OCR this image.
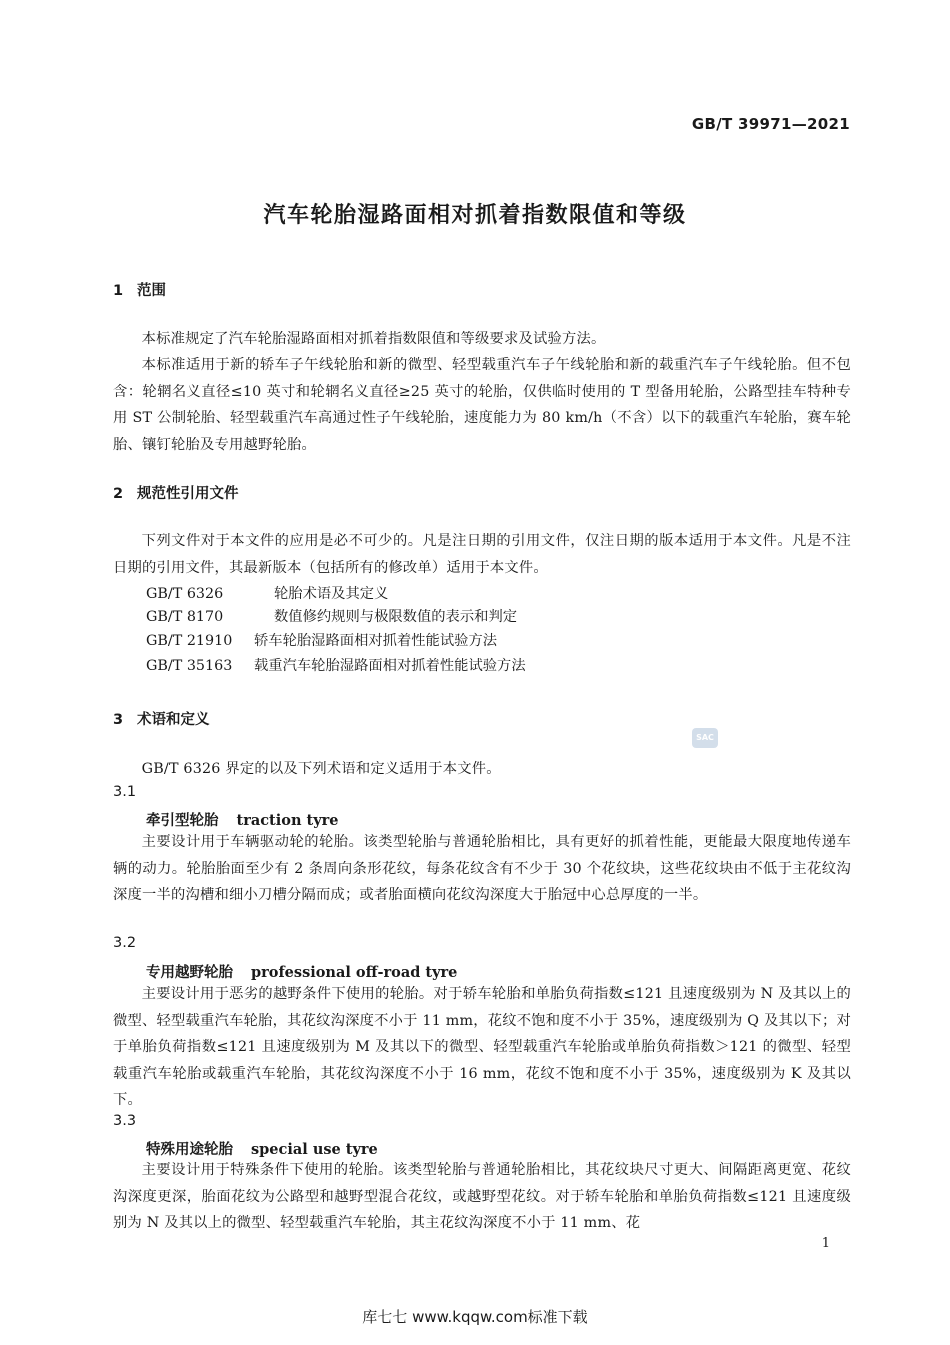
GB/T 39971—2021
汽车轮胎湿路面相对抓着指数限值和等级
1 范围
本标准规定了汽车轮胎湿路面相对抓着指数限值和等级要求及试验方法。
本标准适用于新的轿车子午线轮胎和新的微型、轻型载重汽车子午线轮胎和新的载重汽车子午线轮胎。但不包含：轮辋名义直径≤10 英寸和轮辋名义直径≥25 英寸的轮胎，仅供临时使用的 T 型备用轮胎，公路型挂车特种专用 ST 公制轮胎、轻型载重汽车高通过性子午线轮胎，速度能力为 80 km/h（不含）以下的载重汽车轮胎，赛车轮胎、镶钉轮胎及专用越野轮胎。
2 规范性引用文件
下列文件对于本文件的应用是必不可少的。凡是注日期的引用文件，仅注日期的版本适用于本文件。凡是不注日期的引用文件，其最新版本（包括所有的修改单）适用于本文件。
GB/T 6326	轮胎术语及其定义
GB/T 8170	数值修约规则与极限数值的表示和判定
GB/T 21910 轿车轮胎湿路面相对抓着性能试验方法
GB/T 35163 载重汽车轮胎湿路面相对抓着性能试验方法
3 术语和定义
SAC
GB/T 6326 界定的以及下列术语和定义适用于本文件。
3.1
牵引型轮胎 traction tyre
主要设计用于车辆驱动轮的轮胎。该类型轮胎与普通轮胎相比，具有更好的抓着性能，更能最大限度地传递车辆的动力。轮胎胎面至少有 2 条周向条形花纹，每条花纹含有不少于 30 个花纹块，这些花纹块由不低于主花纹沟深度一半的沟槽和细小刀槽分隔而成；或者胎面横向花纹沟深度大于胎冠中心总厚度的一半。
3.2
专用越野轮胎 professional off-road tyre
主要设计用于恶劣的越野条件下使用的轮胎。对于轿车轮胎和单胎负荷指数≤121 且速度级别为 N 及其以上的微型、轻型载重汽车轮胎，其花纹沟深度不小于 11 mm，花纹不饱和度不小于 35%，速度级别为 Q 及其以下；对于单胎负荷指数≤121 且速度级别为 M 及其以下的微型、轻型载重汽车轮胎或单胎负荷指数＞121 的微型、轻型载重汽车轮胎或载重汽车轮胎，其花纹沟深度不小于 16 mm，花纹不饱和度不小于 35%，速度级别为 K 及其以下。
3.3
特殊用途轮胎 special use tyre
主要设计用于特殊条件下使用的轮胎。该类型轮胎与普通轮胎相比，其花纹块尺寸更大、间隔距离更宽、花纹沟深度更深，胎面花纹为公路型和越野型混合花纹，或越野型花纹。对于轿车轮胎和单胎负荷指数≤121 且速度级别为 N 及其以上的微型、轻型载重汽车轮胎，其主花纹沟深度不小于 11 mm、花
1
库七七 www.kqqw.com标准下载
